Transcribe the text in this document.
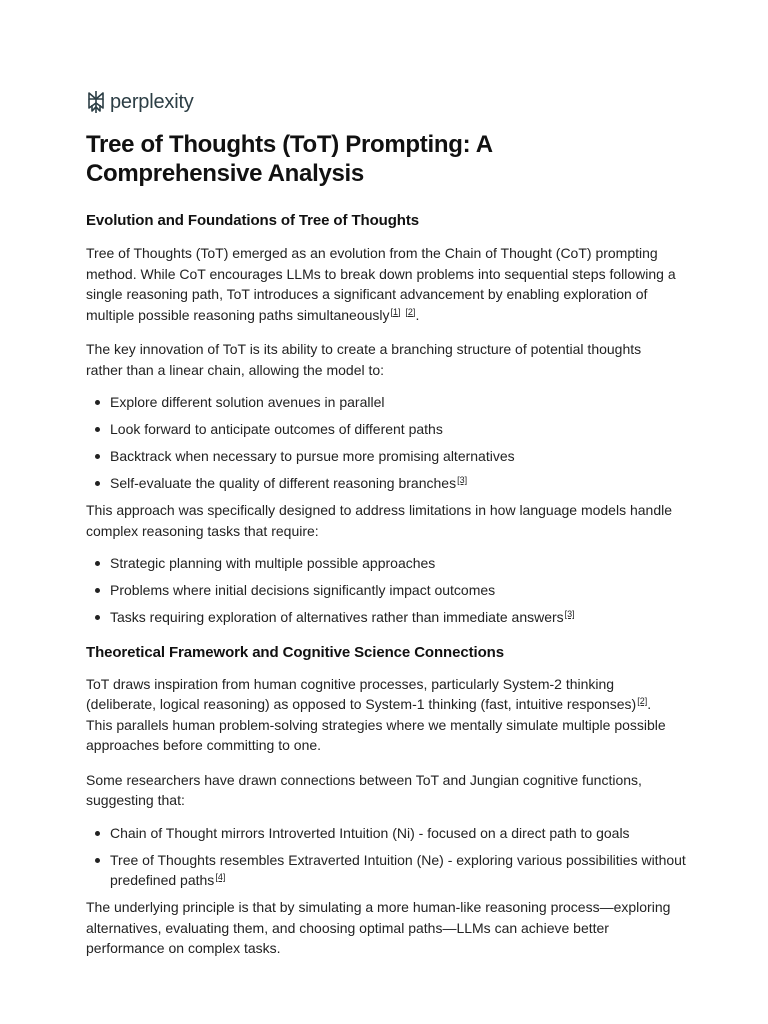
perplexity
Tree of Thoughts (ToT) Prompting: A Comprehensive Analysis
Evolution and Foundations of Tree of Thoughts

Tree of Thoughts (ToT) emerged as an evolution from the Chain of Thought (CoT) prompting method. While CoT encourages LLMs to break down problems into sequential steps following a single reasoning path, ToT introduces a significant advancement by enabling exploration of multiple possible reasoning paths simultaneously[1] [2].

The key innovation of ToT is its ability to create a branching structure of potential thoughts rather than a linear chain, allowing the model to:

Explore different solution avenues in parallel
Look forward to anticipate outcomes of different paths
Backtrack when necessary to pursue more promising alternatives
Self-evaluate the quality of different reasoning branches[3]

This approach was specifically designed to address limitations in how language models handle complex reasoning tasks that require:

Strategic planning with multiple possible approaches
Problems where initial decisions significantly impact outcomes
Tasks requiring exploration of alternatives rather than immediate answers[3]
Theoretical Framework and Cognitive Science Connections

ToT draws inspiration from human cognitive processes, particularly System-2 thinking (deliberate, logical reasoning) as opposed to System-1 thinking (fast, intuitive responses)[2]. This parallels human problem-solving strategies where we mentally simulate multiple possible approaches before committing to one.

Some researchers have drawn connections between ToT and Jungian cognitive functions, suggesting that:

Chain of Thought mirrors Introverted Intuition (Ni) - focused on a direct path to goals
Tree of Thoughts resembles Extraverted Intuition (Ne) - exploring various possibilities without predefined paths[4]

The underlying principle is that by simulating a more human-like reasoning process—exploring alternatives, evaluating them, and choosing optimal paths—LLMs can achieve better performance on complex tasks.
